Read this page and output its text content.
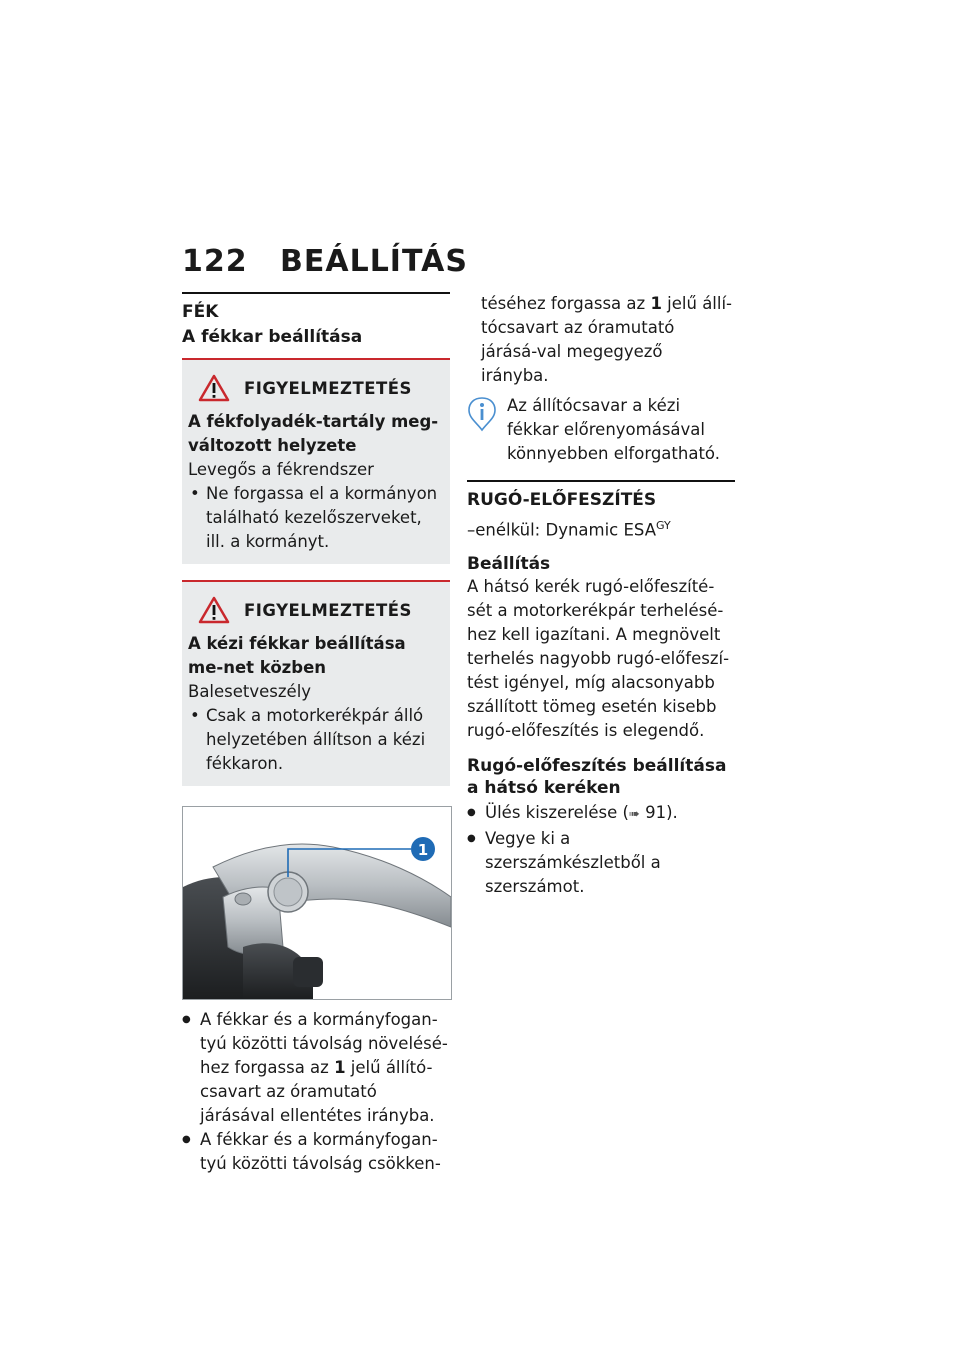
122 BEÁLLÍTÁS
FÉK
A fékkar beállítása
FIGYELMEZTETÉS
A fékfolyadék-tartály meg-változott helyzete
Levegős a fékrendszer
• Ne forgassa el a kormányon található kezelőszerveket, ill. a kormányt.
FIGYELMEZTETÉS
A kézi fékkar beállítása me-net közben
Balesetveszély
• Csak a motorkerékpár álló helyzetében állítson a kézi fékkaron.
1
● A fékkar és a kormányfogan-tyú közötti távolság növelésé-hez forgassa az 1 jelű állító-csavart az óramutató járásával ellentétes irányba.
● A fékkar és a kormányfogan-tyú közötti távolság csökken-

téséhez forgassa az 1 jelű állí-tócsavart az óramutató járásá-val megegyező irányba.

Az állítócsavar a kézi fékkar előrenyomásával könnyebben elforgatható.

RUGÓ-ELŐFESZÍTÉS

–enélkül: Dynamic $ESA^{GY}$

Beállítás

A hátsó kerék rugó-előfeszíté-sét a motorkerékpár terhelésé-hez kell igazítani. A megnövelt terhelés nagyobb rugó-előfeszí-tést igényel, míg alacsonyabb szállított tömeg esetén kisebb rugó-előfeszítés is elegendő.

Rugó-előfeszítés beállítása a hátsó keréken
● Ülés kiszerelése (➠ 91).
● Vegye ki a szerszámkészletből a szerszámot.
